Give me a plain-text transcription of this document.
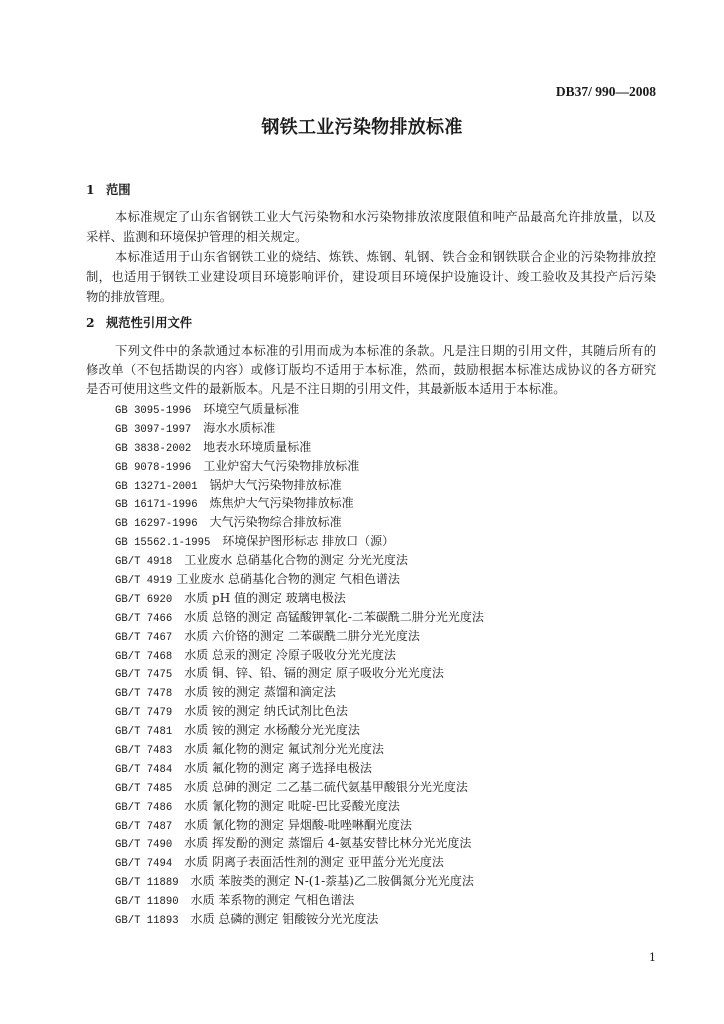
DB37/ 990—2008
钢铁工业污染物排放标准
1 范围
本标准规定了山东省钢铁工业大气污染物和水污染物排放浓度限值和吨产品最高允许排放量，以及
采样、监测和环境保护管理的相关规定。
本标准适用于山东省钢铁工业的烧结、炼铁、炼钢、轧钢、铁合金和钢铁联合企业的污染物排放控
制，也适用于钢铁工业建设项目环境影响评价，建设项目环境保护设施设计、竣工验收及其投产后污染
物的排放管理。
2 规范性引用文件
下列文件中的条款通过本标准的引用而成为本标准的条款。凡是注日期的引用文件，其随后所有的
修改单（不包括勘误的内容）或修订版均不适用于本标准，然而，鼓励根据本标准达成协议的各方研究
是否可使用这些文件的最新版本。凡是不注日期的引用文件，其最新版本适用于本标准。
GB 3095-1996 环境空气质量标准
GB 3097-1997 海水水质标准
GB 3838-2002 地表水环境质量标准
GB 9078-1996 工业炉窑大气污染物排放标准
GB 13271-2001 锅炉大气污染物排放标准
GB 16171-1996 炼焦炉大气污染物排放标准
GB 16297-1996 大气污染物综合排放标准
GB 15562.1-1995 环境保护图形标志 排放口（源）
GB/T 4918 工业废水 总硝基化合物的测定 分光光度法
GB/T 4919 工业废水 总硝基化合物的测定 气相色谱法
GB/T 6920 水质 pH 值的测定 玻璃电极法
GB/T 7466 水质 总铬的测定 高锰酸钾氧化-二苯碳酰二肼分光光度法
GB/T 7467 水质 六价铬的测定 二苯碳酰二肼分光光度法
GB/T 7468 水质 总汞的测定 冷原子吸收分光光度法
GB/T 7475 水质 铜、锌、铅、镉的测定 原子吸收分光光度法
GB/T 7478 水质 铵的测定 蒸馏和滴定法
GB/T 7479 水质 铵的测定 纳氏试剂比色法
GB/T 7481 水质 铵的测定 水杨酸分光光度法
GB/T 7483 水质 氟化物的测定 氟试剂分光光度法
GB/T 7484 水质 氟化物的测定 离子选择电极法
GB/T 7485 水质 总砷的测定 二乙基二硫代氨基甲酸银分光光度法
GB/T 7486 水质 氰化物的测定 吡啶-巴比妥酸光度法
GB/T 7487 水质 氰化物的测定 异烟酸-吡唑啉酮光度法
GB/T 7490 水质 挥发酚的测定 蒸馏后 4-氨基安替比林分光光度法
GB/T 7494 水质 阴离子表面活性剂的测定 亚甲蓝分光光度法
GB/T 11889 水质 苯胺类的测定 N-(1-萘基)乙二胺偶氮分光光度法
GB/T 11890 水质 苯系物的测定 气相色谱法
GB/T 11893 水质 总磷的测定 钼酸铵分光光度法
1
